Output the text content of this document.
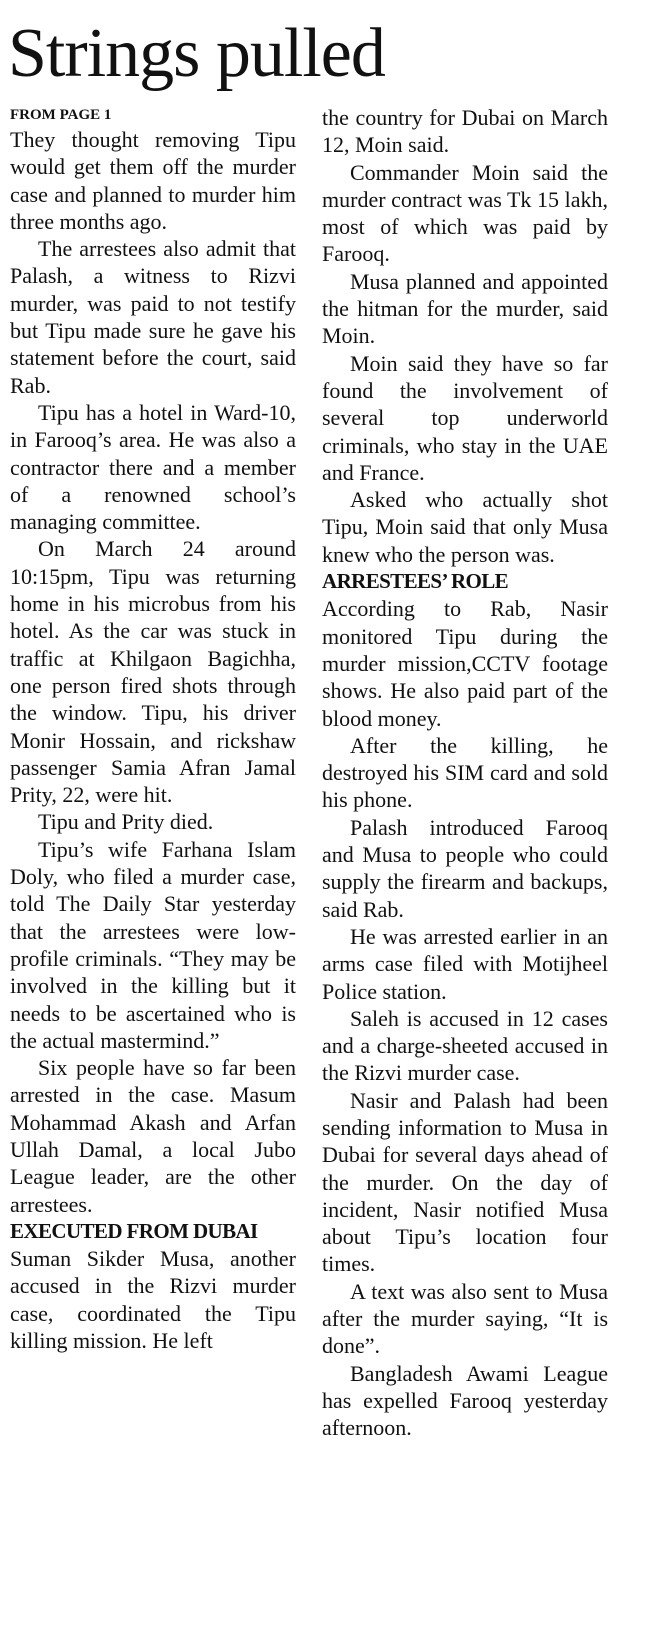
Strings pulled

FROM PAGE 1

They thought removing Tipu would get them off the murder case and planned to murder him three months ago.

The arrestees also admit that Palash, a witness to Rizvi murder, was paid to not testify but Tipu made sure he gave his statement before the court, said Rab.

Tipu has a hotel in Ward-10, in Farooq’s area. He was also a contractor there and a member of a renowned school’s managing committee.

On March 24 around 10:15pm, Tipu was returning home in his microbus from his hotel. As the car was stuck in traffic at Khilgaon Bagichha, one person fired shots through the window. Tipu, his driver Monir Hossain, and rickshaw passenger Samia Afran Jamal Prity, 22, were hit.

Tipu and Prity died.

Tipu’s wife Farhana Islam Doly, who filed a murder case, told The Daily Star yesterday that the arrestees were low-profile criminals. “They may be involved in the killing but it needs to be ascertained who is the actual mastermind.”

Six people have so far been arrested in the case. Masum Mohammad Akash and Arfan Ullah Damal, a local Jubo League leader, are the other arrestees.

EXECUTED FROM DUBAI

Suman Sikder Musa, another accused in the Rizvi murder case, coordinated the Tipu killing mission. He left

the country for Dubai on March 12, Moin said.

Commander Moin said the murder contract was Tk 15 lakh, most of which was paid by Farooq.

Musa planned and appointed the hitman for the murder, said Moin.

Moin said they have so far found the involvement of several top underworld criminals, who stay in the UAE and France.

Asked who actually shot Tipu, Moin said that only Musa knew who the person was.

ARRESTEES’ ROLE

According to Rab, Nasir monitored Tipu during the murder mission,CCTV footage shows. He also paid part of the blood money.

After the killing, he destroyed his SIM card and sold his phone.

Palash introduced Farooq and Musa to people who could supply the firearm and backups, said Rab.

He was arrested earlier in an arms case filed with Motijheel Police station.

Saleh is accused in 12 cases and a charge-sheeted accused in the Rizvi murder case.

Nasir and Palash had been sending information to Musa in Dubai for several days ahead of the murder. On the day of incident, Nasir notified Musa about Tipu’s location four times.

A text was also sent to Musa after the murder saying, “It is done”.

Bangladesh Awami League has expelled Farooq yesterday afternoon.
